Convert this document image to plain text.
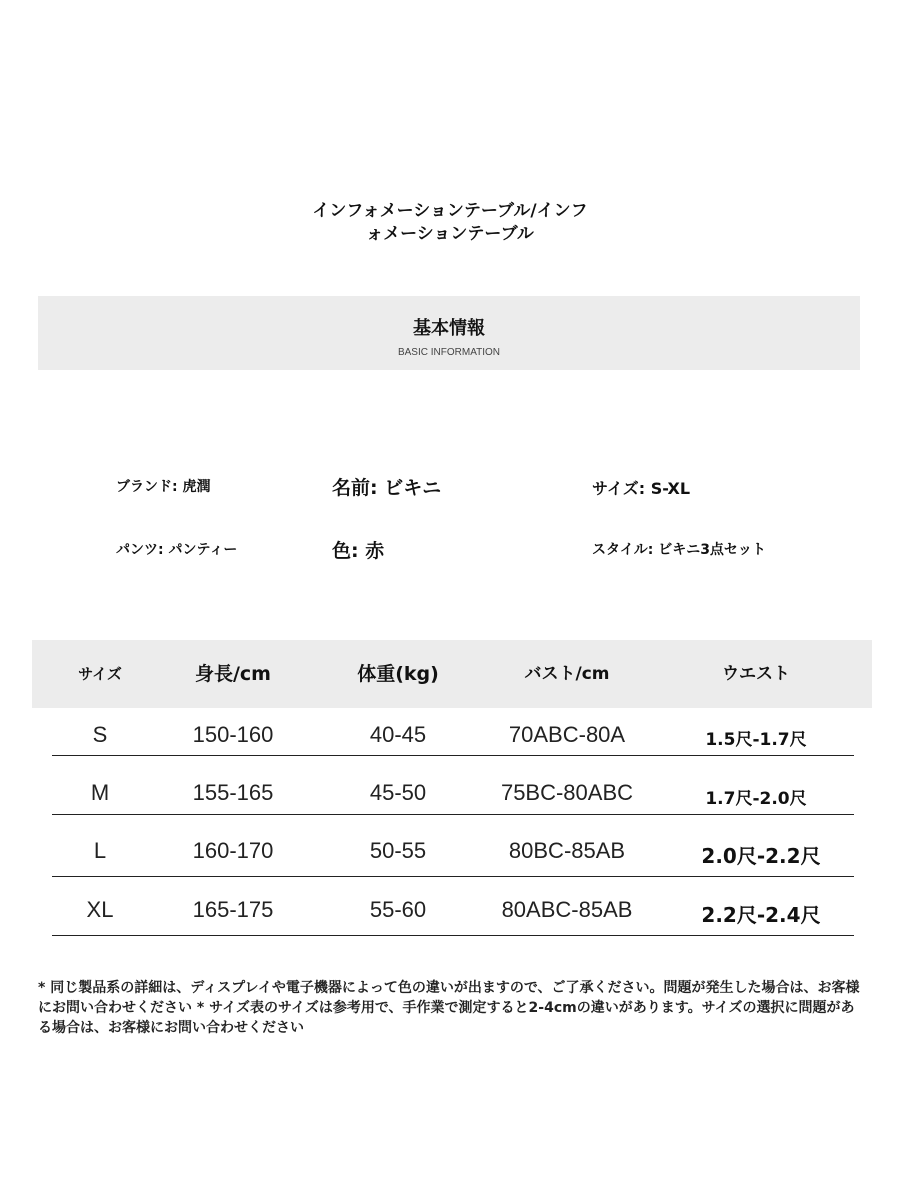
インフォメーションテーブル/インフ
ォメーションテーブル
基本情報
BASIC INFORMATION
ブランド: 虎潤	名前: ビキニ	サイズ: S-XL
パンツ: パンティー	色: 赤	スタイル: ビキニ3点セット
サイズ	身長/cm	体重(kg)	バスト/cm	ウエスト
S	150-160	40-45	70ABC-80A	1.5尺-1.7尺
M	155-165	45-50	75BC-80ABC	1.7尺-2.0尺
L	160-170	50-55	80BC-85AB	2.0尺-2.2尺
XL	165-175	55-60	80ABC-85AB	2.2尺-2.4尺
* 同じ製品系の詳細は、ディスプレイや電子機器によって色の違いが出ますので、ご了承ください。問題が発生した場合は、お客様にお問い合わせください * サイズ表のサイズは参考用で、手作業で測定すると2-4cmの違いがあります。サイズの選択に問題がある場合は、お客様にお問い合わせください
